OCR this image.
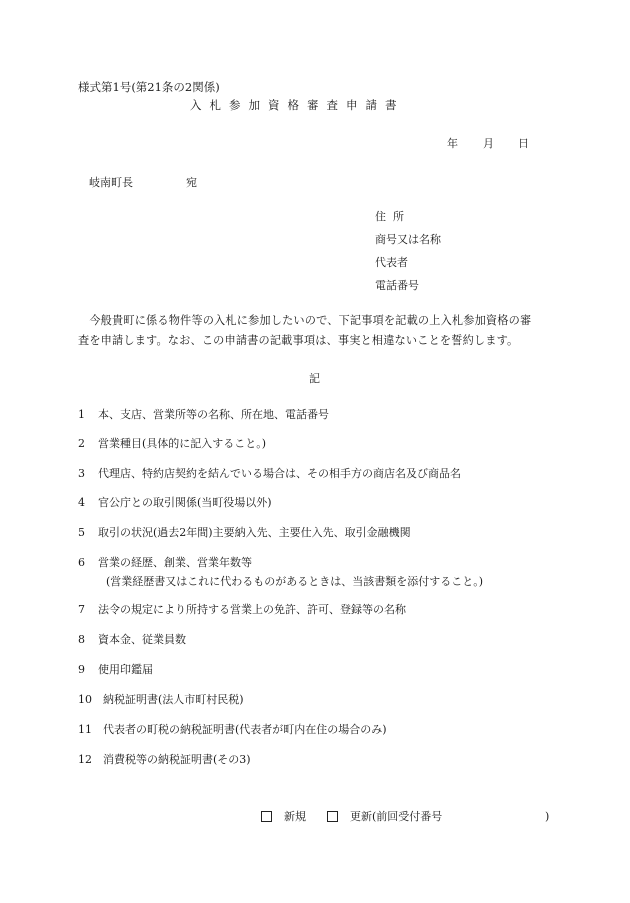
様式第1号(第21条の2関係)
入札参加資格審査申請書
年 月 日
岐南町長	宛
住所
商号又は名称
代表者
電話番号
　今般貴町に係る物件等の入札に参加したいので、下記事項を記載の上入札参加資格の審
査を申請します。なお、この申請書の記載事項は、事実と相違ないことを誓約します。
記
1	本、支店、営業所等の名称、所在地、電話番号
2	営業種目(具体的に記入すること。)
3	代理店、特約店契約を結んでいる場合は、その相手方の商店名及び商品名
4	官公庁との取引関係(当町役場以外)
5	取引の状況(過去2年間)主要納入先、主要仕入先、取引金融機関
6	営業の経歴、創業、営業年数等
(営業経歴書又はこれに代わるものがあるときは、当該書類を添付すること。)
7	法令の規定により所持する営業上の免許、許可、登録等の名称
8	資本金、従業員数
9	使用印鑑届
10	納税証明書(法人市町村民税)
11	代表者の町税の納税証明書(代表者が町内在住の場合のみ)
12	消費税等の納税証明書(その3)
新規	更新(前回受付番号	)
